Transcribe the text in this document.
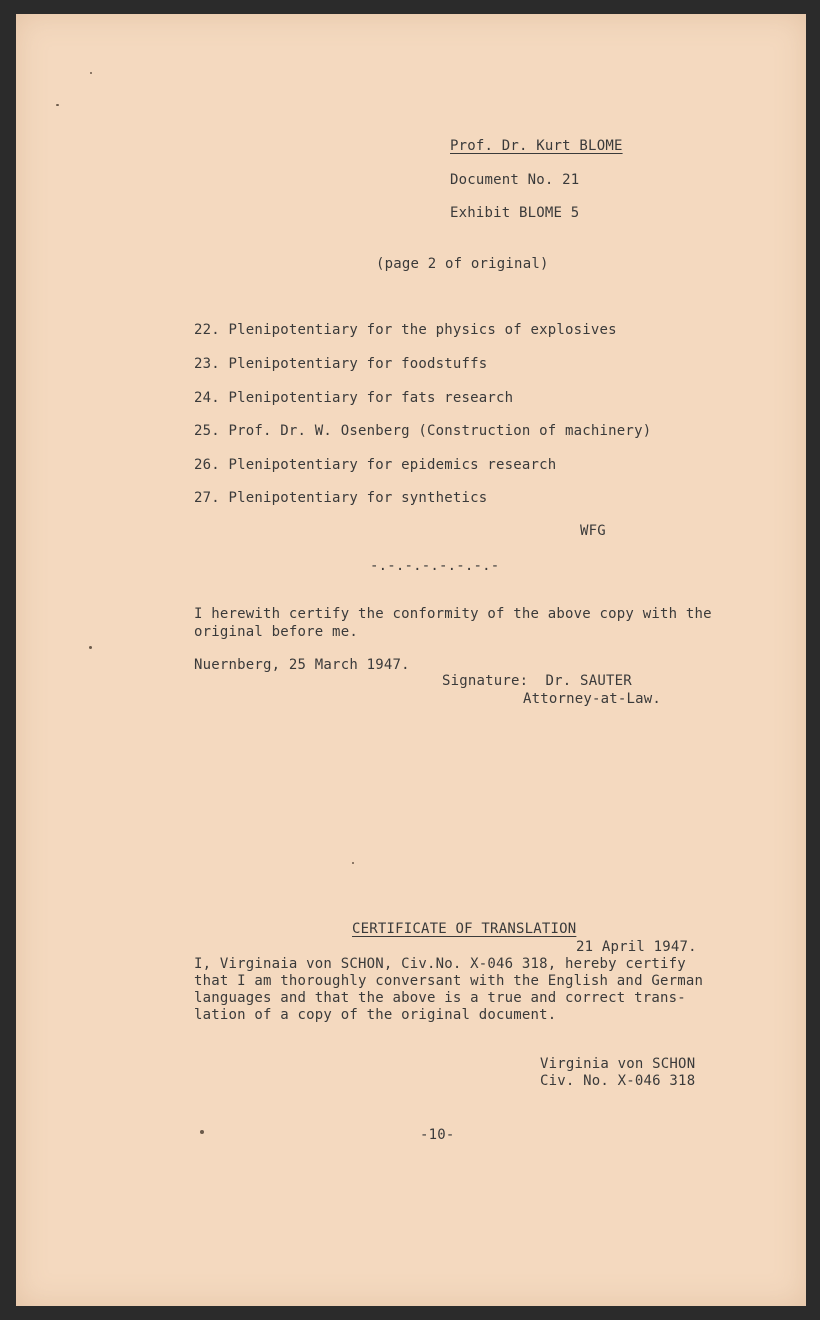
Prof. Dr. Kurt BLOME
Document No. 21
Exhibit BLOME 5
(page 2 of original)
22. Plenipotentiary for the physics of explosives
23. Plenipotentiary for foodstuffs
24. Plenipotentiary for fats research
25. Prof. Dr. W. Osenberg (Construction of machinery)
26. Plenipotentiary for epidemics research
27. Plenipotentiary for synthetics
WFG
-.-.-.-.-.-.-.-
I herewith certify the conformity of the above copy with the
original before me.
Nuernberg, 25 March 1947.
Signature:  Dr. SAUTER
Attorney-at-Law.
CERTIFICATE OF TRANSLATION
21 April 1947.
I, Virginaia von SCHON, Civ.No. X-046 318, hereby certify
that I am thoroughly conversant with the English and German
languages and that the above is a true and correct trans-
lation of a copy of the original document.
Virginia von SCHON
Civ. No. X-046 318
-10-
